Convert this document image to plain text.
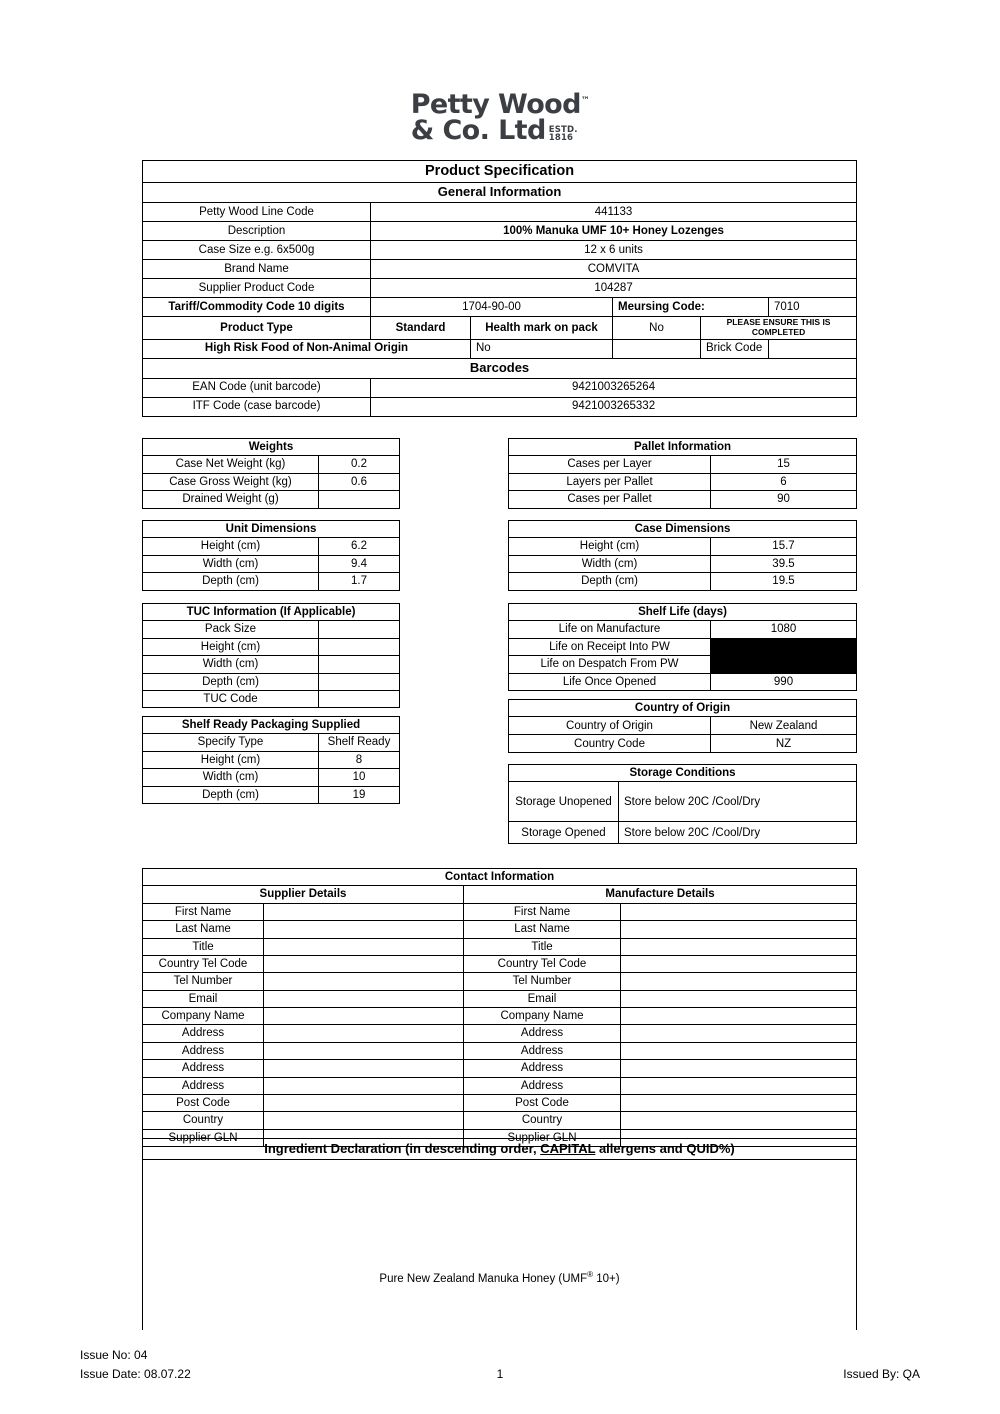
Petty Wood™
& Co. Ltd ESTD.
1816
Product Specification					
General Information					
Petty Wood Line Code	441133				
Description	100% Manuka UMF 10+ Honey Lozenges				
Case Size e.g. 6x500g	12 x 6 units				
Brand Name	COMVITA				
Supplier Product Code	104287				
Tariff/Commodity Code 10 digits	1704-90-00		Meursing Code:		7010
Product Type	Standard	Health mark on pack	No	PLEASE ENSURE THIS IS COMPLETED	
High Risk Food of Non-Animal Origin		No		Brick Code	
Barcodes					
EAN Code (unit barcode)	9421003265264				
ITF Code (case barcode)	9421003265332				
Weights	
Case Net Weight (kg)	0.2
Case Gross Weight (kg)	0.6
Drained Weight (g)	
Pallet Information	
Cases per Layer	15
Layers per Pallet	6
Cases per Pallet	90
Unit Dimensions	
Height (cm)	6.2
Width (cm)	9.4
Depth (cm)	1.7
Case Dimensions	
Height (cm)	15.7
Width (cm)	39.5
Depth (cm)	19.5
TUC Information (If Applicable)	
Pack Size	
Height (cm)	
Width (cm)	
Depth (cm)	
TUC Code	
Shelf Life (days)	
Life on Manufacture	1080
Life on Receipt Into PW	
Life on Despatch From PW	
Life Once Opened	990
Country of Origin	
Country of Origin	New Zealand
Country Code	NZ
Shelf Ready Packaging Supplied	
Specify Type	Shelf Ready
Height (cm)	8
Width (cm)	10
Depth (cm)	19
Storage Conditions	
Storage Unopened	Store below 20C /Cool/Dry
Storage Opened	Store below 20C /Cool/Dry
Contact Information			
Supplier Details		Manufacture Details	
First Name		First Name	
Last Name		Last Name	
Title		Title	
Country Tel Code		Country Tel Code	
Tel Number		Tel Number	
Email		Email	
Company Name		Company Name	
Address		Address	
Address		Address	
Address		Address	
Address		Address	
Post Code		Post Code	
Country		Country	
Supplier GLN		Supplier GLN	
Ingredient Declaration (in descending order, CAPITAL allergens and QUID%)

Pure New Zealand Manuka Honey (UMF® 10+)
Issue No: 04
Issue Date: 08.07.22	1	Issued By: QA
